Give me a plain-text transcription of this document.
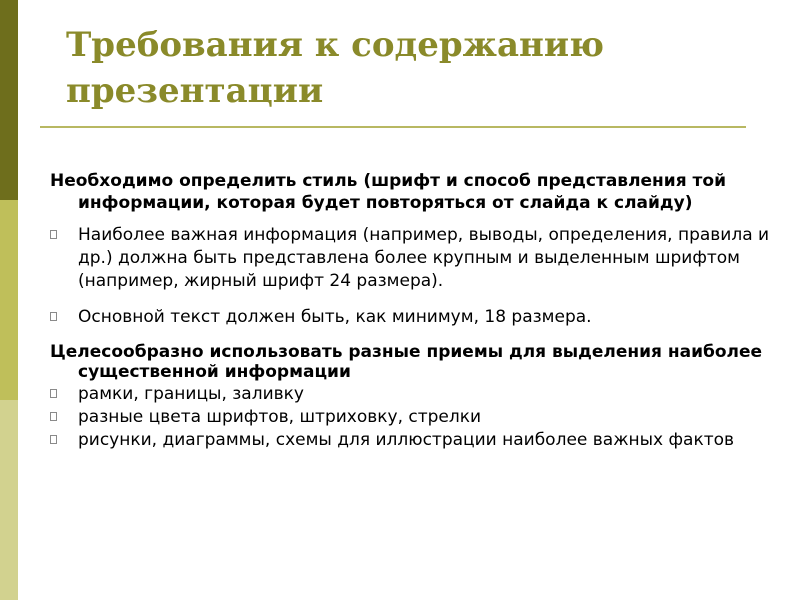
Требования к содержанию презентации

Необходимо определить стиль (шрифт и способ представления той информации, которая будет повторяться от слайда к слайду)

Наиболее важная информация (например, выводы, определения, правила и др.) должна быть представлена более крупным и выделенным шрифтом (например, жирный шрифт 24 размера).
Основной текст должен быть, как минимум, 18 размера.

Целесообразно использовать разные приемы для выделения наиболее существенной информации

рамки, границы, заливку
разные цвета шрифтов, штриховку, стрелки
рисунки, диаграммы, схемы для иллюстрации наиболее важных фактов
